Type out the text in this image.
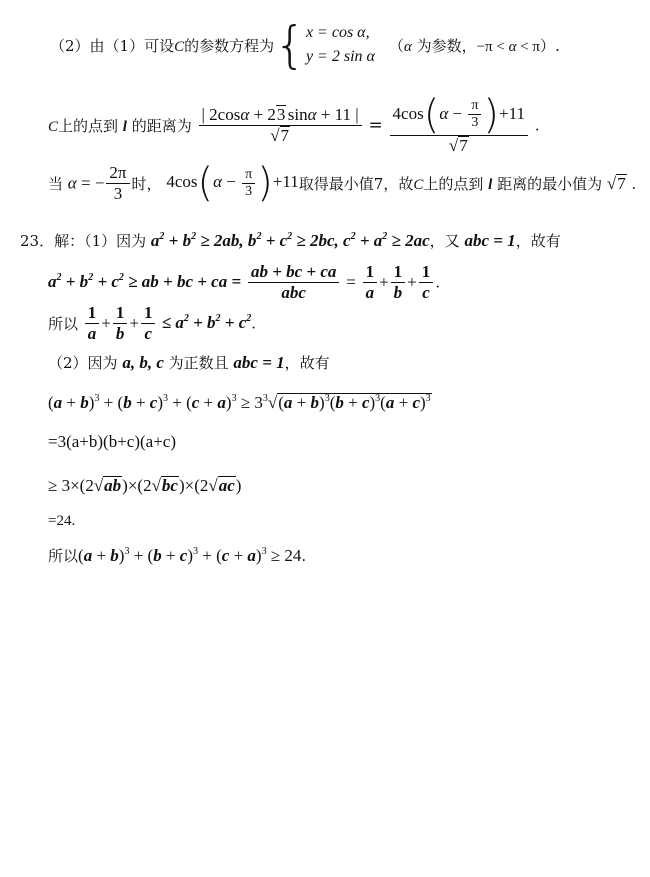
（2）由（1）可设C的参数方程为{ x = cos α,
y = 2 sin α
（α 为参数，−π < α < π）.
C上的点到 l 的距离为 $\frac{| 2\cos\alpha + 23 \sin\alpha + 11 |}{√7} = \frac{4\cos(\alpha - \frac{\pi}{3} )+11}{√7}$ .
当 α = − $\frac{2\pi}{3}$ 时， $4\cos(\alpha - \frac{\pi}{3} )+11$取得最小值7，故C上的点到 l 距离的最小值为 √7 .
23．解：（1）因为 $a^2 + b^2 \ge 2ab$, $b^2 + c^2 \ge 2bc$, $c^2 + a^2 \ge 2ac$，又 abc = 1，故有
$a^2 + b^2 + c^2$ ≥ ab + bc + ca = $\frac{ab + bc + ca}{\text{abc}} = \frac{1}{a} + \frac{1}{b} + \frac{1}{c}$ .
所以 $\frac{1}{a} + \frac{1}{b} + \frac{1}{c} \le a^2 + b^2 + c^2$.
（2）因为 a, b, c 为正数且 abc = 1，故有
$(a + b)^3 + (b + c)^3 + (c + a)^3 \ge 3^3√(a + b)^3(b + c)^3(a + c)^3$
=3(a+b)(b+c)(a+c)
≥ 3×(2√ab)×(2√bc)×(2√ac)
=24.
所以$(a + b)^3 + (b + c)^3 + (c + a)^3 \ge 24$.
